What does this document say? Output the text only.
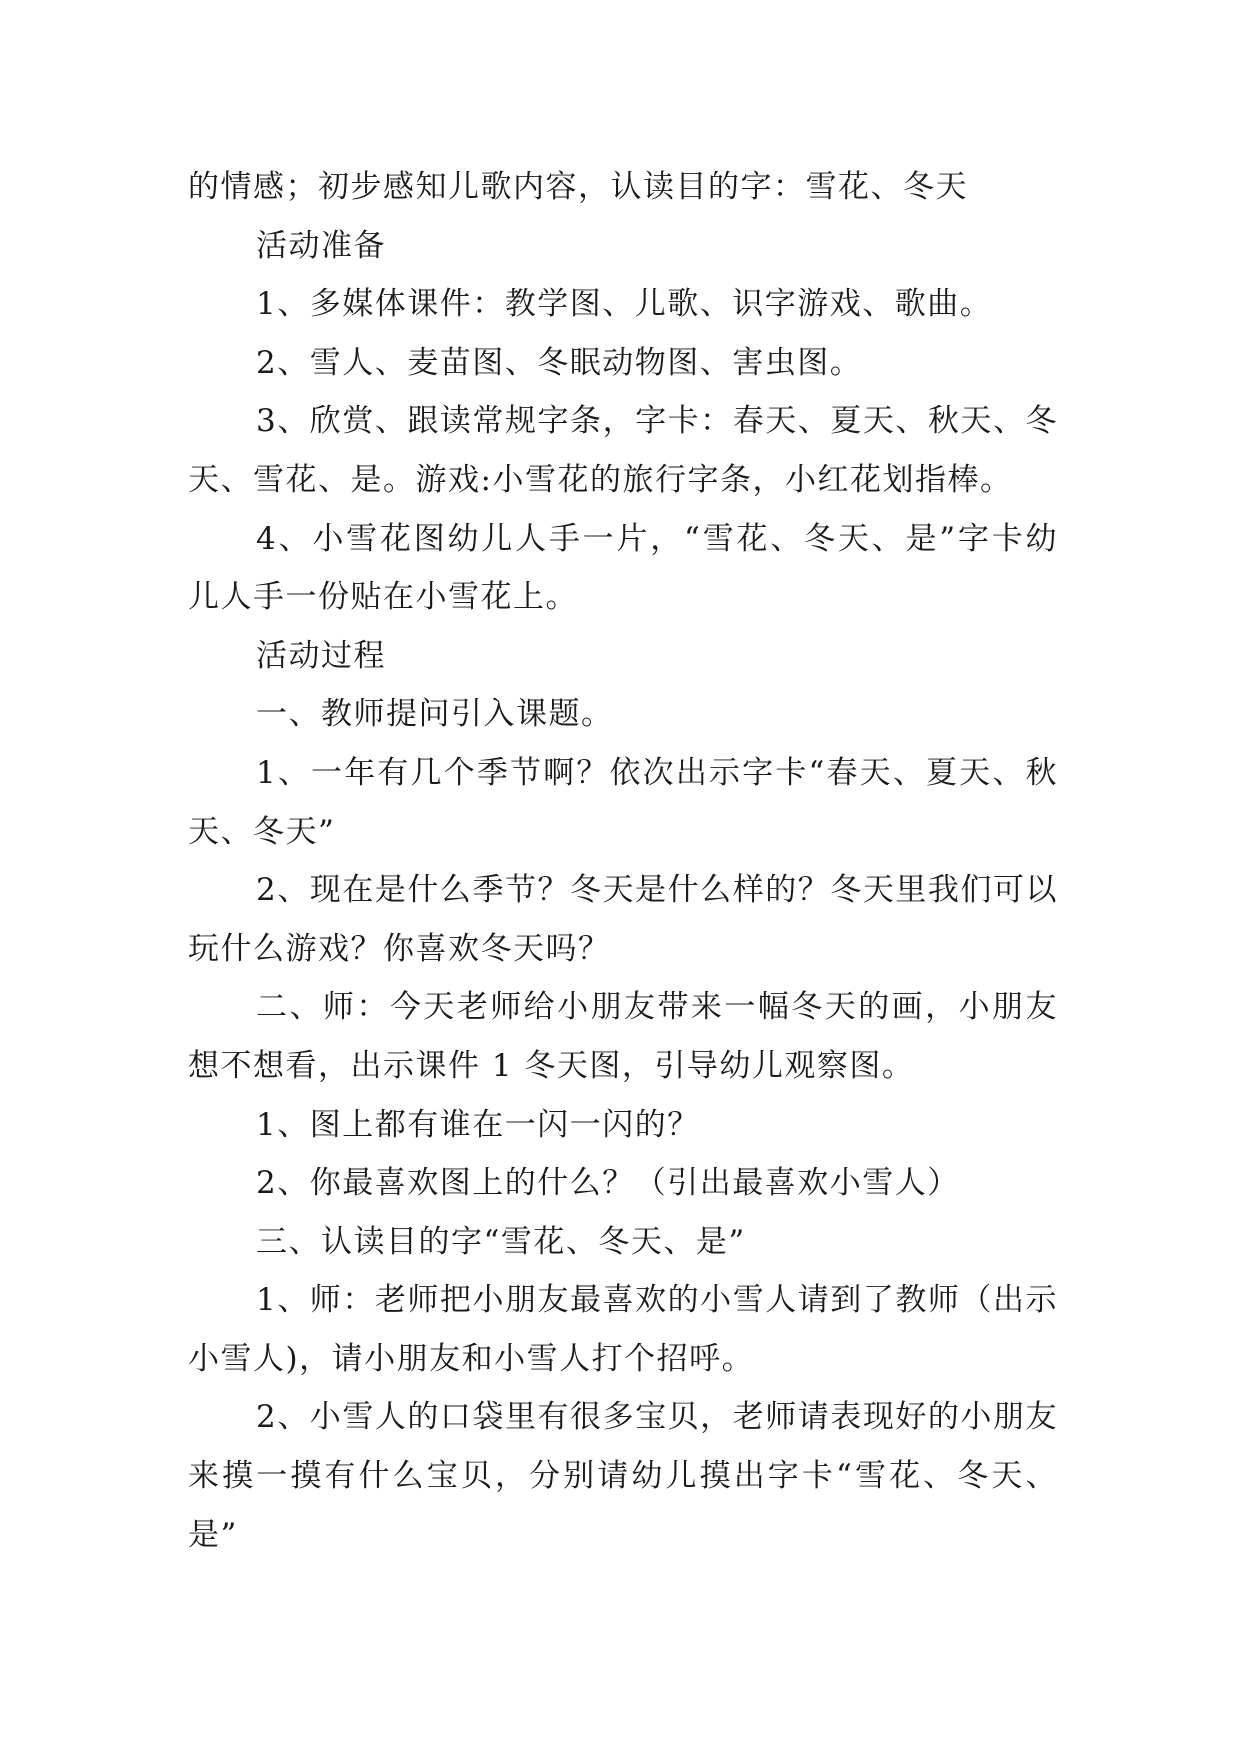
的情感；初步感知儿歌内容，认读目的字：雪花、冬天

活动准备

1、多媒体课件：教学图、儿歌、识字游戏、歌曲。

2、雪人、麦苗图、冬眠动物图、害虫图。

3、欣赏、跟读常规字条，字卡：春天、夏天、秋天、冬天、雪花、是。游戏:小雪花的旅行字条，小红花划指棒。

4、小雪花图幼儿人手一片，“雪花、冬天、是”字卡幼儿人手一份贴在小雪花上。

活动过程

一、教师提问引入课题。

1、一年有几个季节啊？依次出示字卡“春天、夏天、秋天、冬天”

2、现在是什么季节？冬天是什么样的？冬天里我们可以玩什么游戏？你喜欢冬天吗？

二、师：今天老师给小朋友带来一幅冬天的画，小朋友想不想看，出示课件 1 冬天图，引导幼儿观察图。

1、图上都有谁在一闪一闪的？

2、你最喜欢图上的什么？（引出最喜欢小雪人）

三、认读目的字“雪花、冬天、是”

1、师：老师把小朋友最喜欢的小雪人请到了教师（出示小雪人)，请小朋友和小雪人打个招呼。

2、小雪人的口袋里有很多宝贝，老师请表现好的小朋友来摸一摸有什么宝贝，分别请幼儿摸出字卡“雪花、冬天、是”
